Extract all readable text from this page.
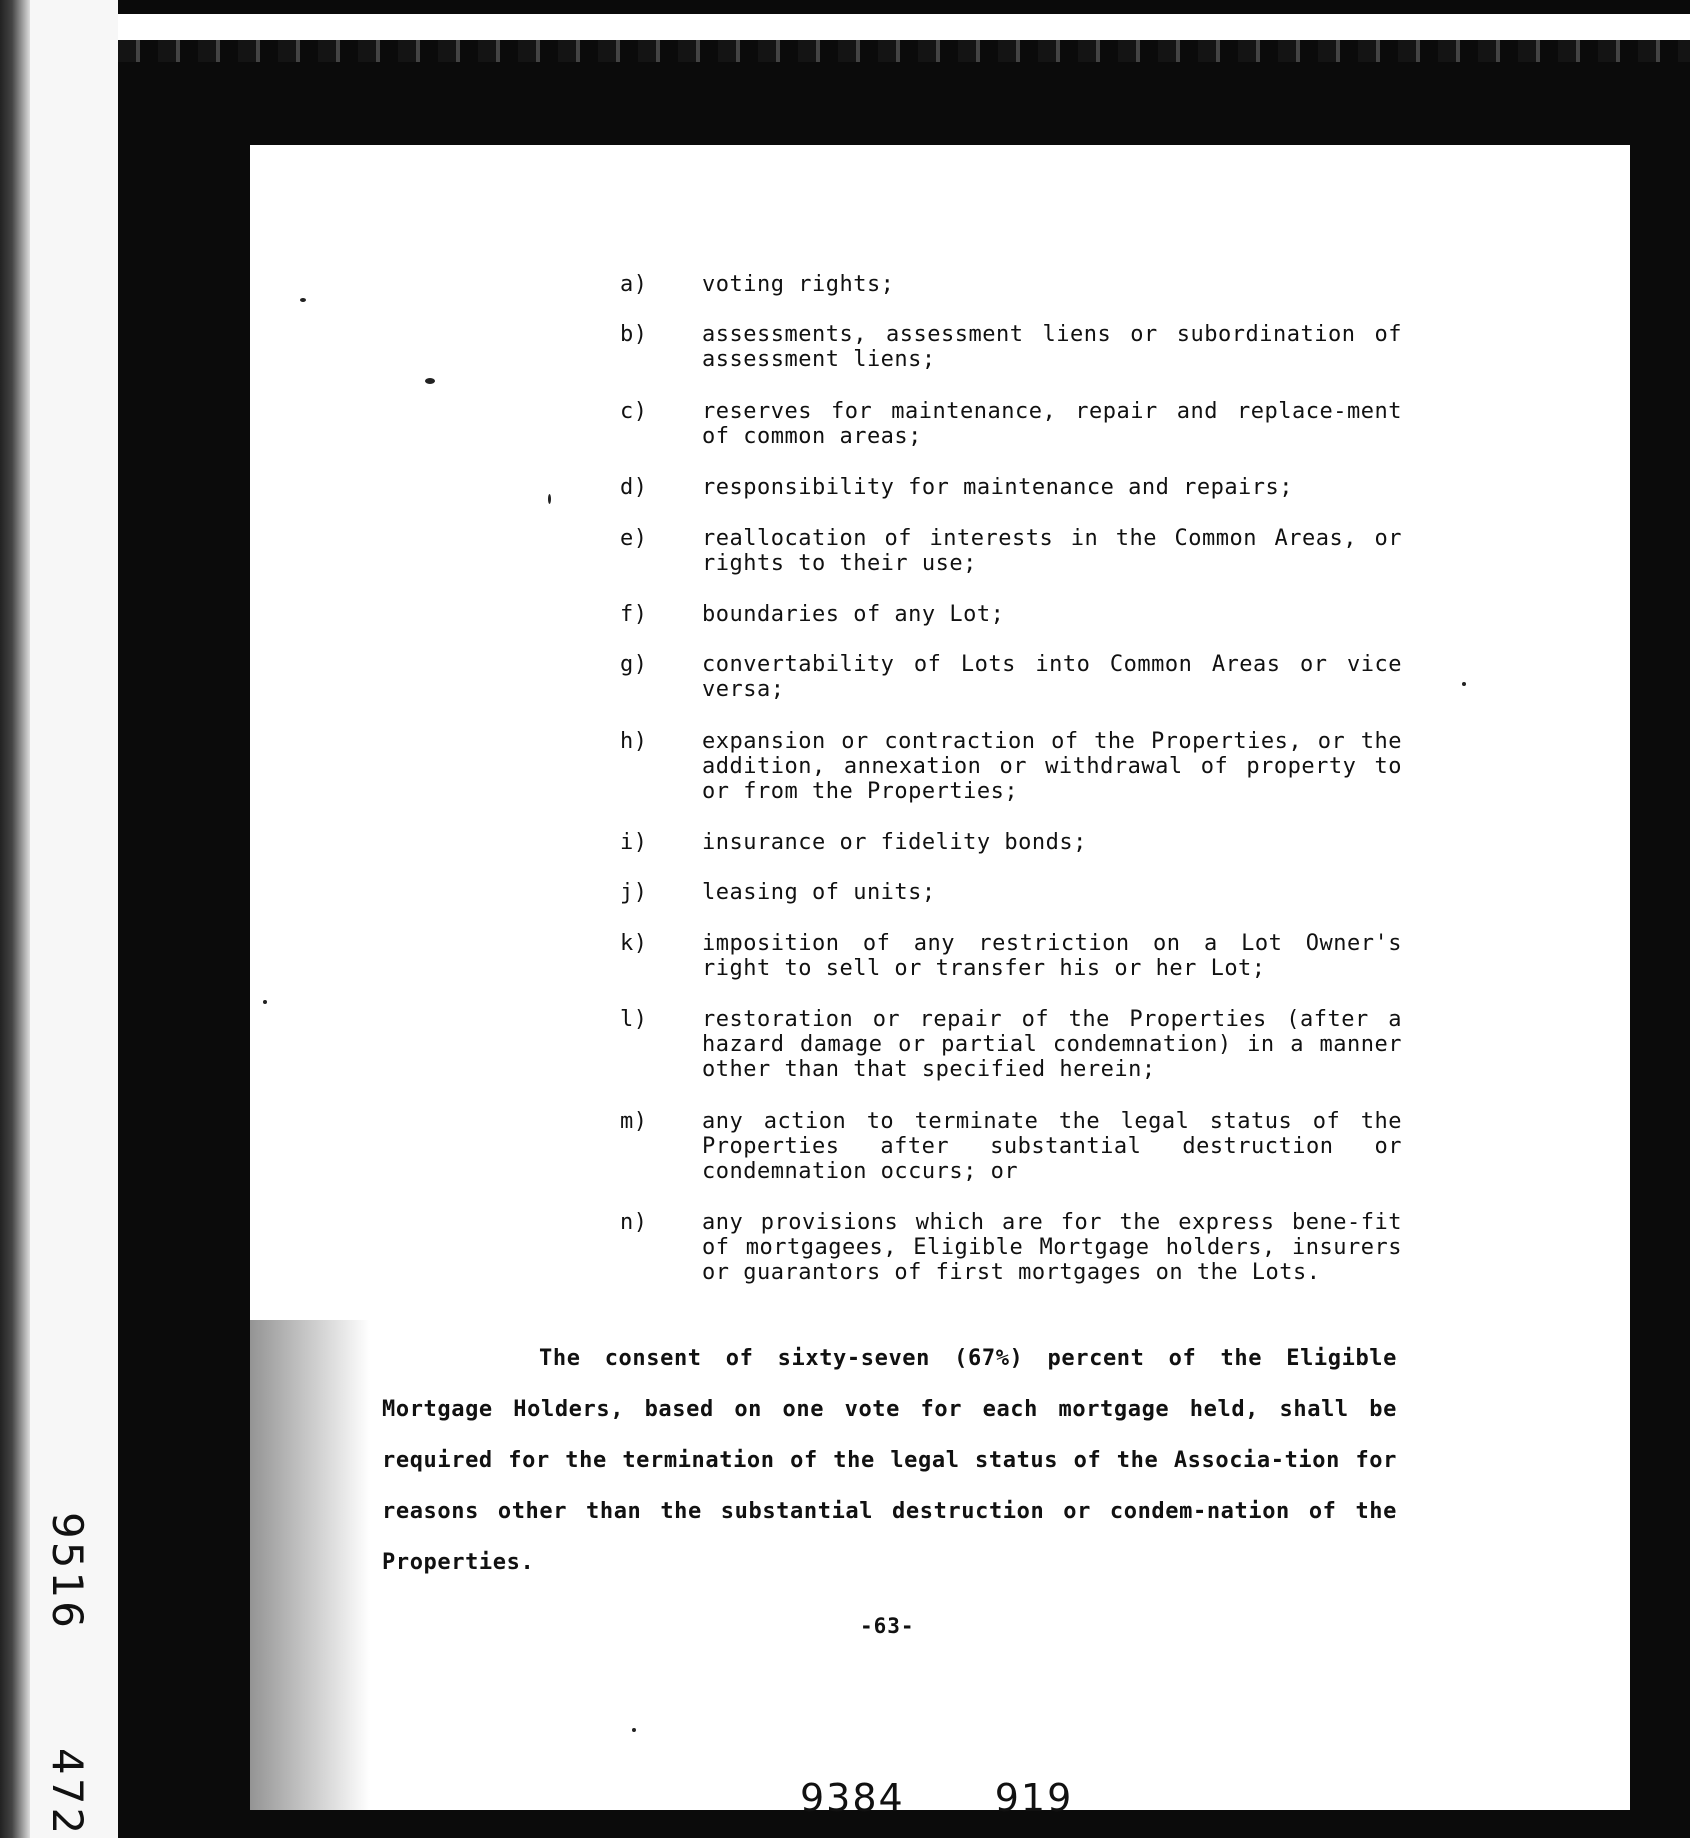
9516
472
a)	voting rights;
b)	assessments, assessment liens or subordination of assessment liens;
c)	reserves for maintenance, repair and replace-ment of common areas;
d)	responsibility for maintenance and repairs;
e)	reallocation of interests in the Common Areas, or rights to their use;
f)	boundaries of any Lot;
g)	convertability of Lots into Common Areas or vice versa;
h)	expansion or contraction of the Properties, or the addition, annexation or withdrawal of property to or from the Properties;
i)	insurance or fidelity bonds;
j)	leasing of units;
k)	imposition of any restriction on a Lot Owner's right to sell or transfer his or her Lot;
l)	restoration or repair of the Properties (after a hazard damage or partial condemnation) in a manner other than that specified herein;
m)	any action to terminate the legal status of the Properties after substantial destruction or condemnation occurs; or
n)	any provisions which are for the express bene-fit of mortgagees, Eligible Mortgage holders, insurers or guarantors of first mortgages on the Lots.
The consent of sixty-seven (67%) percent of the Eligible Mortgage Holders, based on one vote for each mortgage held, shall be required for the termination of the legal status of the Associa-tion for reasons other than the substantial destruction or condem-nation of the Properties.
-63-
9384 919
